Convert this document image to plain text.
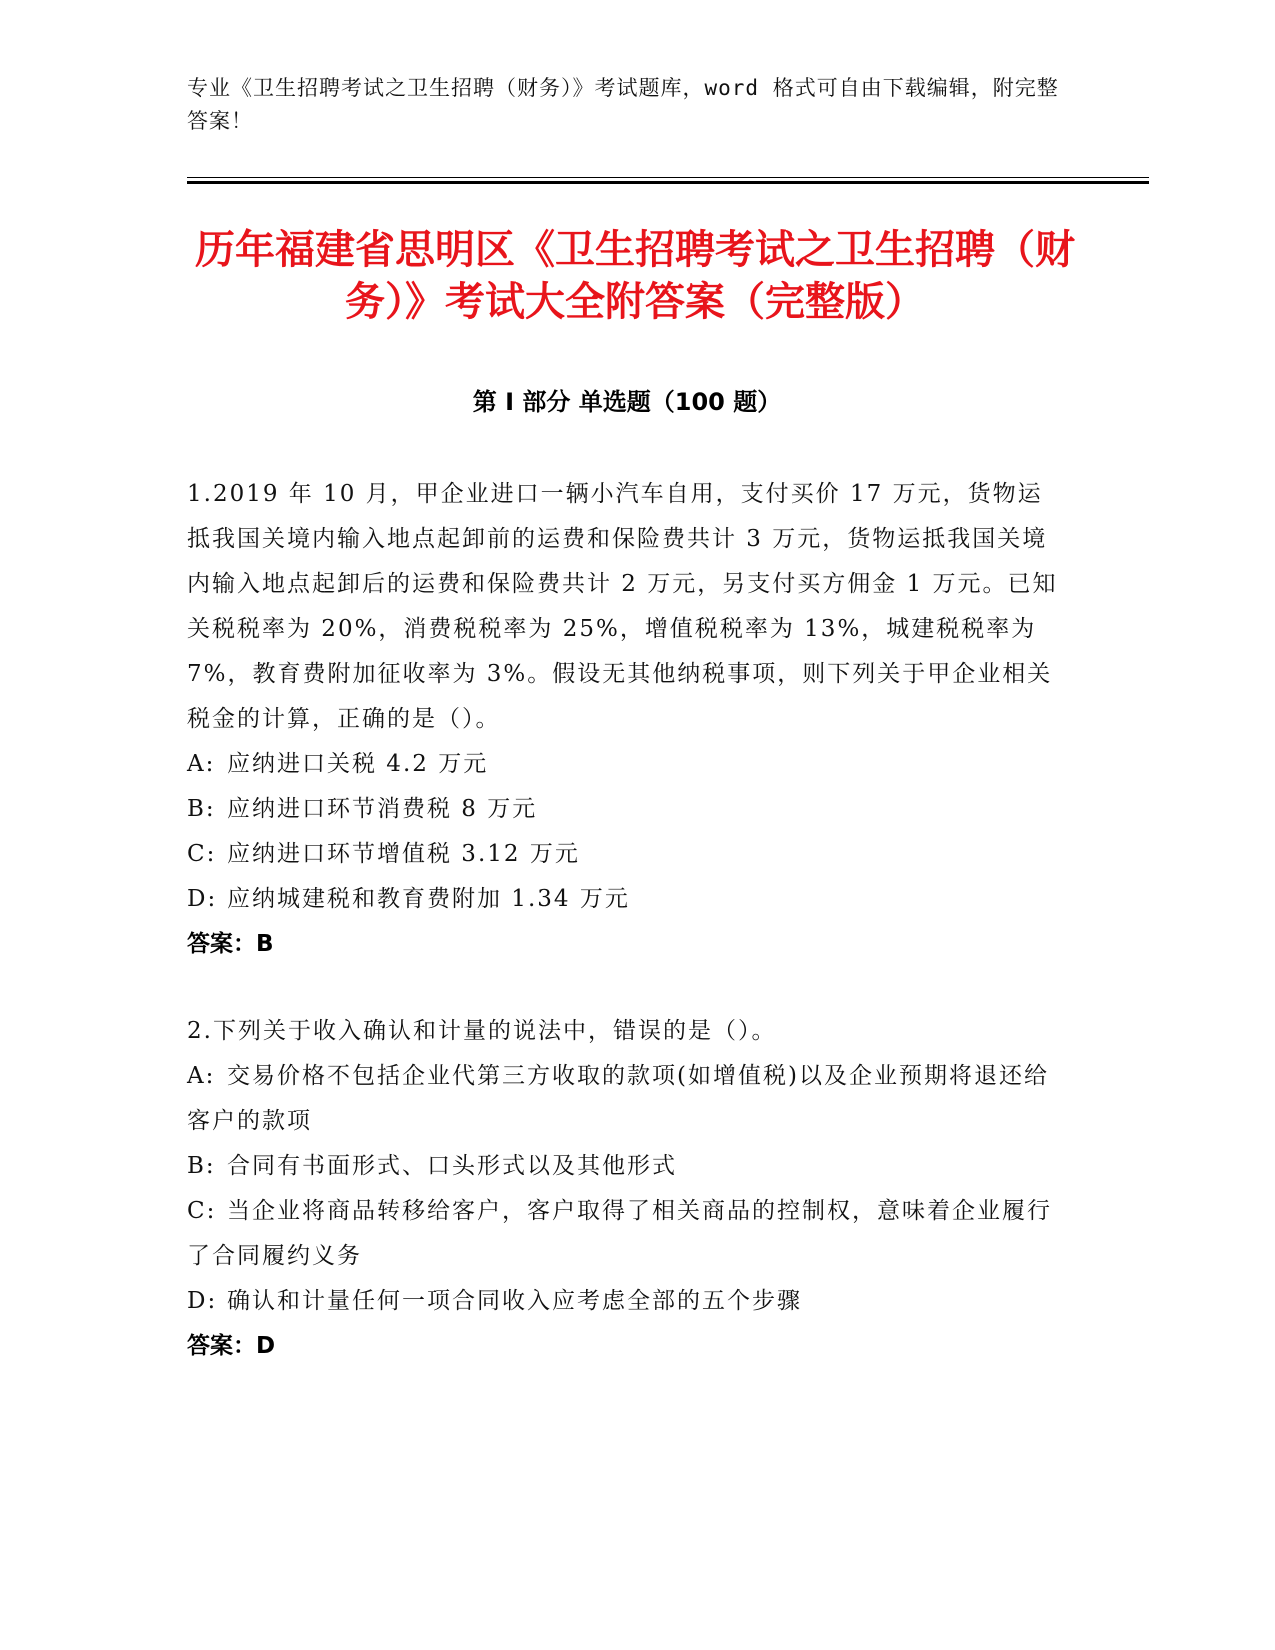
专业《卫生招聘考试之卫生招聘（财务）》考试题库，word 格式可自由下载编辑，附完整答案！
历年福建省思明区《卫生招聘考试之卫生招聘（财务）》考试大全附答案（完整版）
第 I 部分 单选题（100 题）
1.2019 年 10 月，甲企业进口一辆小汽车自用，支付买价 17 万元，货物运抵我国关境内输入地点起卸前的运费和保险费共计 3 万元，货物运抵我国关境内输入地点起卸后的运费和保险费共计 2 万元，另支付买方佣金 1 万元。已知关税税率为 20%，消费税税率为 25%，增值税税率为 13%，城建税税率为 7%，教育费附加征收率为 3%。假设无其他纳税事项，则下列关于甲企业相关税金的计算，正确的是（）。
A: 应纳进口关税 4.2 万元
B: 应纳进口环节消费税 8 万元
C: 应纳进口环节增值税 3.12 万元
D: 应纳城建税和教育费附加 1.34 万元
答案：B
2.下列关于收入确认和计量的说法中，错误的是（）。
A: 交易价格不包括企业代第三方收取的款项(如增值税)以及企业预期将退还给客户的款项
B: 合同有书面形式、口头形式以及其他形式
C: 当企业将商品转移给客户，客户取得了相关商品的控制权，意味着企业履行了合同履约义务
D: 确认和计量任何一项合同收入应考虑全部的五个步骤
答案：D
